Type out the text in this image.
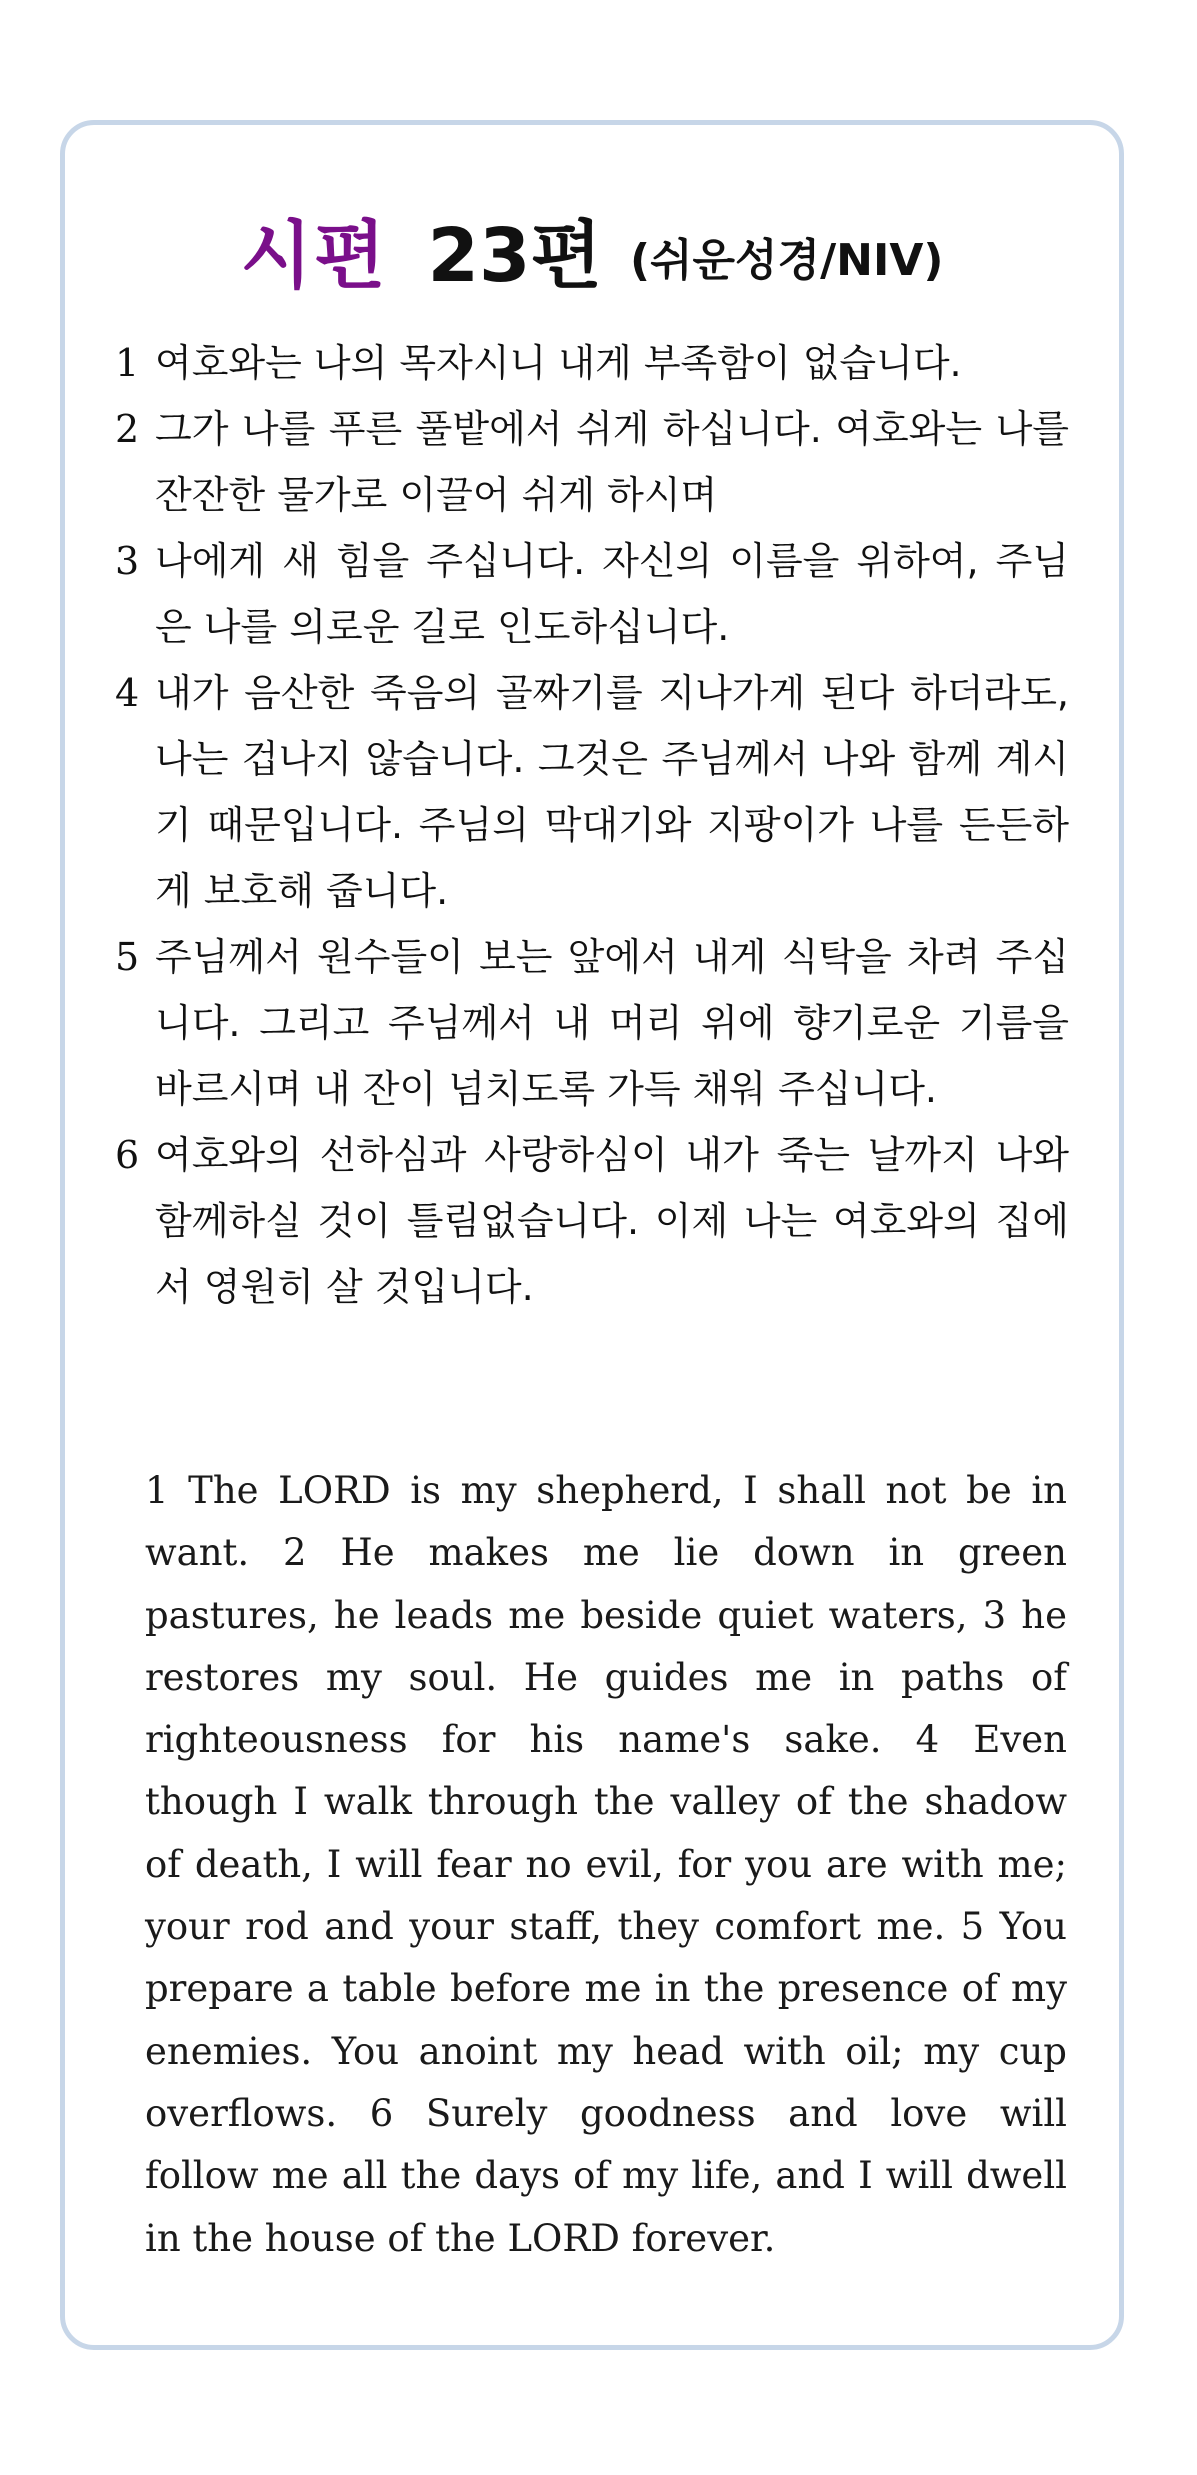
시편 23편 (쉬운성경/NIV)
1 여호와는 나의 목자시니 내게 부족함이 없습니다.
2 그가 나를 푸른 풀밭에서 쉬게 하십니다. 여호와는 나를 잔잔한 물가로 이끌어 쉬게 하시며
3 나에게 새 힘을 주십니다. 자신의 이름을 위하여, 주님은 나를 의로운 길로 인도하십니다.
4 내가 음산한 죽음의 골짜기를 지나가게 된다 하더라도, 나는 겁나지 않습니다. 그것은 주님께서 나와 함께 계시기 때문입니다. 주님의 막대기와 지팡이가 나를 든든하게 보호해 줍니다.
5 주님께서 원수들이 보는 앞에서 내게 식탁을 차려 주십니다. 그리고 주님께서 내 머리 위에 향기로운 기름을 바르시며 내 잔이 넘치도록 가득 채워 주십니다.
6 여호와의 선하심과 사랑하심이 내가 죽는 날까지 나와 함께하실 것이 틀림없습니다. 이제 나는 여호와의 집에서 영원히 살 것입니다.
1 The LORD is my shepherd, I shall not be in want. 2 He makes me lie down in green pastures, he leads me beside quiet waters, 3 he restores my soul. He guides me in paths of righteousness for his name's sake. 4 Even though I walk through the valley of the shadow of death, I will fear no evil, for you are with me; your rod and your staff, they comfort me. 5 You prepare a table before me in the presence of my enemies. You anoint my head with oil; my cup overflows. 6 Surely goodness and love will follow me all the days of my life, and I will dwell in the house of the LORD forever.
